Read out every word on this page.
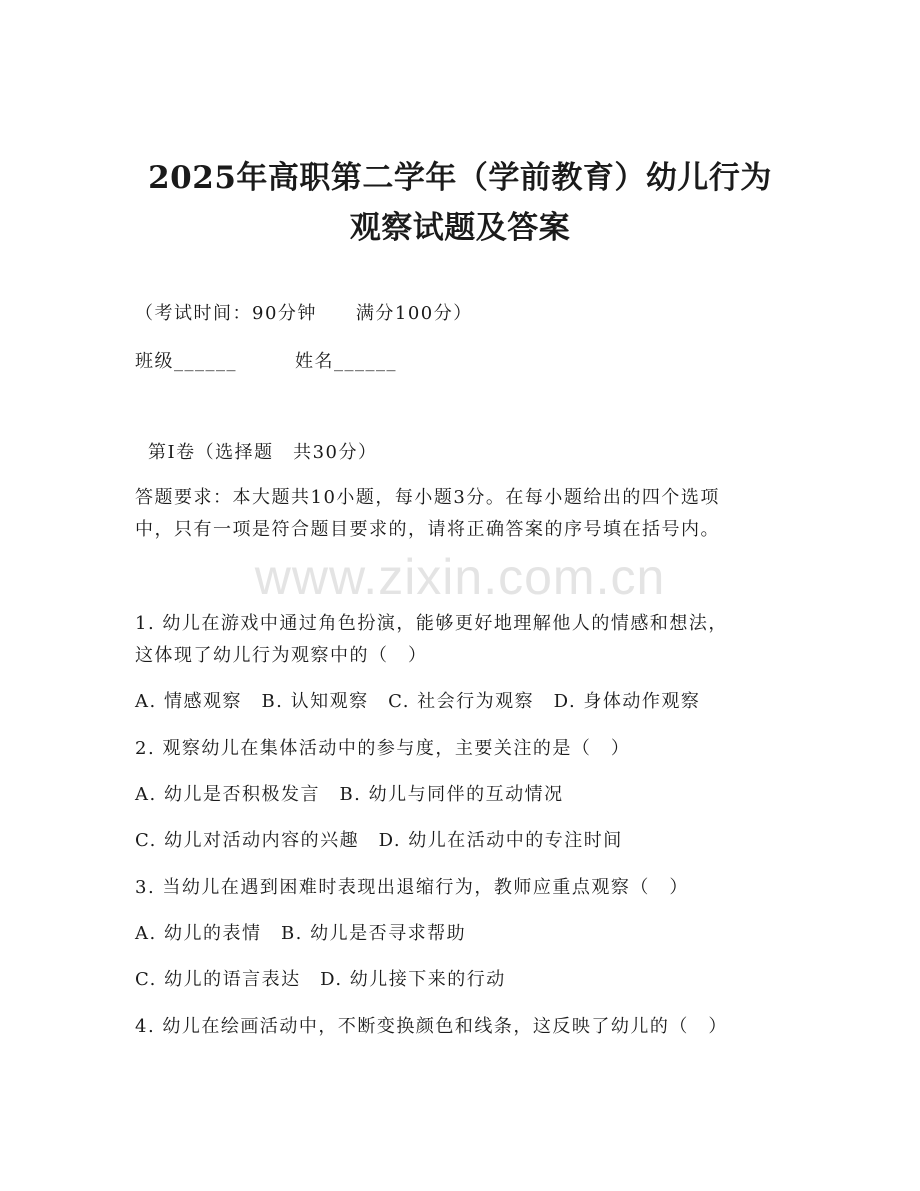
2025年高职第二学年（学前教育）幼儿行为
观察试题及答案

（考试时间：90分钟　　满分100分）

班级______	姓名______

第I卷（选择题　共30分）

答题要求：本大题共10小题，每小题3分。在每小题给出的四个选项

中，只有一项是符合题目要求的，请将正确答案的序号填在括号内。

www.zixin.com.cn

1. 幼儿在游戏中通过角色扮演，能够更好地理解他人的情感和想法，

这体现了幼儿行为观察中的（　）

A. 情感观察　B. 认知观察　C. 社会行为观察　D. 身体动作观察

2. 观察幼儿在集体活动中的参与度，主要关注的是（　）

A. 幼儿是否积极发言　B. 幼儿与同伴的互动情况

C. 幼儿对活动内容的兴趣　D. 幼儿在活动中的专注时间

3. 当幼儿在遇到困难时表现出退缩行为，教师应重点观察（　）

A. 幼儿的表情　B. 幼儿是否寻求帮助

C. 幼儿的语言表达　D. 幼儿接下来的行动

4. 幼儿在绘画活动中，不断变换颜色和线条，这反映了幼儿的（　）
